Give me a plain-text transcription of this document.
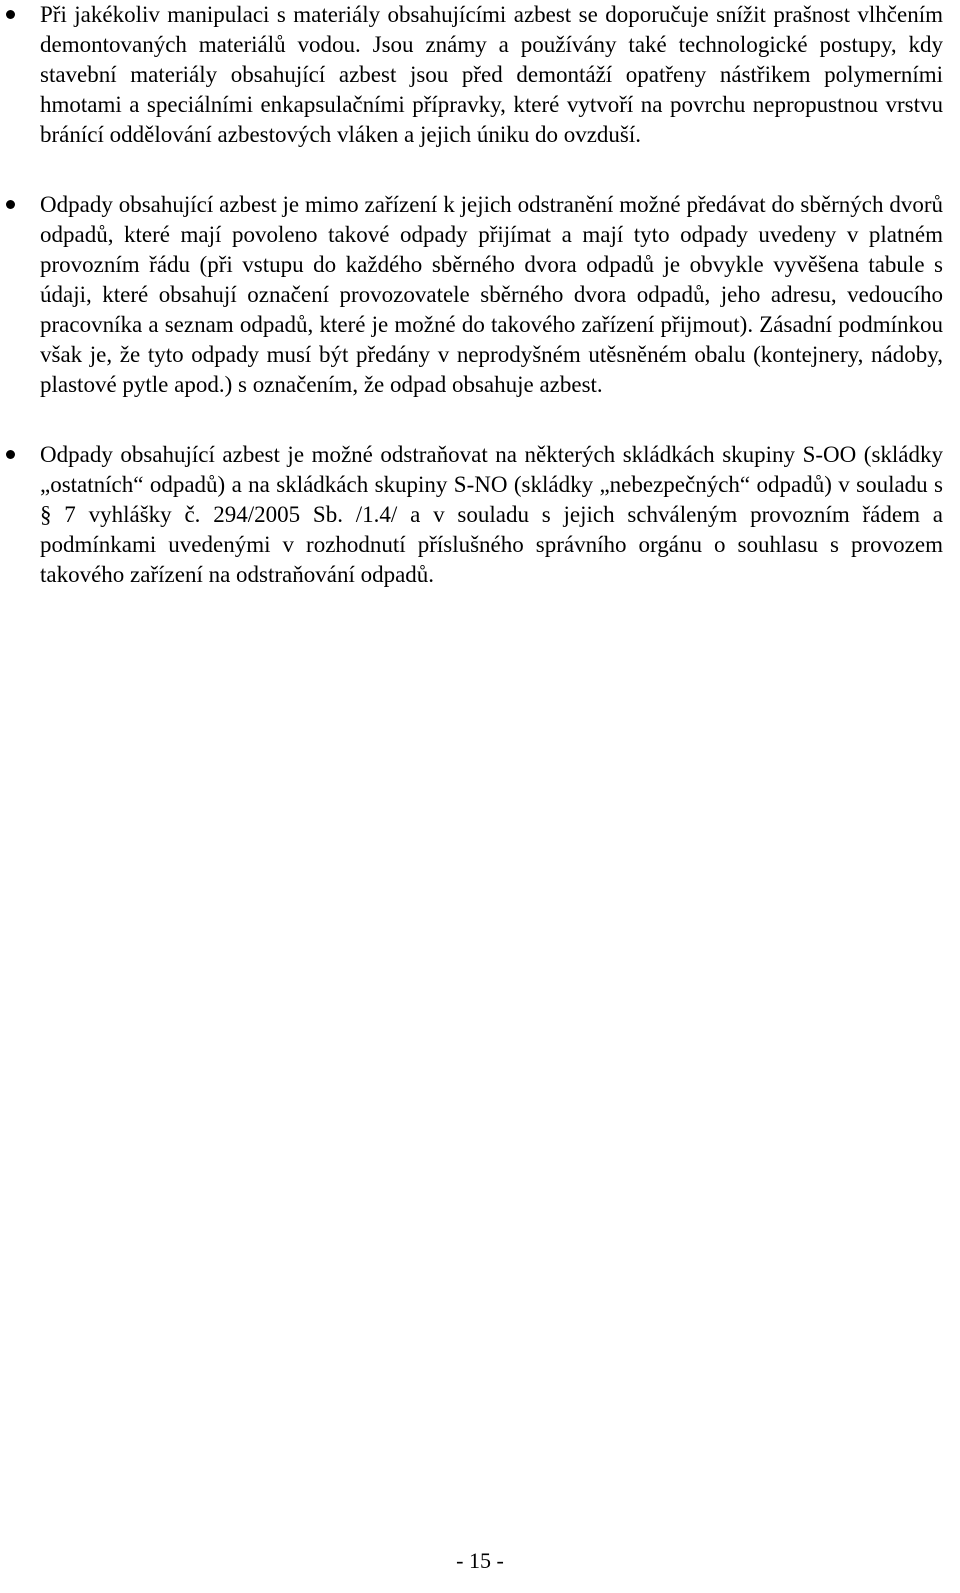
Při jakékoliv manipulaci s materiály obsahujícími azbest se doporučuje snížit prašnost vlhčením demontovaných materiálů vodou. Jsou známy a používány také technologické postupy, kdy stavební materiály obsahující azbest jsou před demontáží opatřeny nástřikem polymerními hmotami a speciálními enkapsulačními přípravky, které vytvoří na povrchu nepropustnou vrstvu bránící oddělování azbestových vláken a jejich úniku do ovzduší.

Odpady obsahující azbest je mimo zařízení k jejich odstranění možné předávat do sběrných dvorů odpadů, které mají povoleno takové odpady přijímat a mají tyto odpady uvedeny v platném provozním řádu (při vstupu do každého sběrného dvora odpadů je obvykle vyvěšena tabule s údaji, které obsahují označení provozovatele sběrného dvora odpadů, jeho adresu, vedoucího pracovníka a seznam odpadů, které je možné do takového zařízení přijmout). Zásadní podmínkou však je, že tyto odpady musí být předány v neprodyšném utěsněném obalu (kontejnery, nádoby, plastové pytle apod.) s označením, že odpad obsahuje azbest.

Odpady obsahující azbest je možné odstraňovat na některých skládkách skupiny S-OO (skládky „ostatních“ odpadů) a na skládkách skupiny S-NO (skládky „nebezpečných“ odpadů) v souladu s § 7 vyhlášky č. 294/2005 Sb. /1.4/ a v souladu s jejich schváleným provozním řádem a podmínkami uvedenými v rozhodnutí příslušného správního orgánu o souhlasu s provozem takového zařízení na odstraňování odpadů.

- 15 -
